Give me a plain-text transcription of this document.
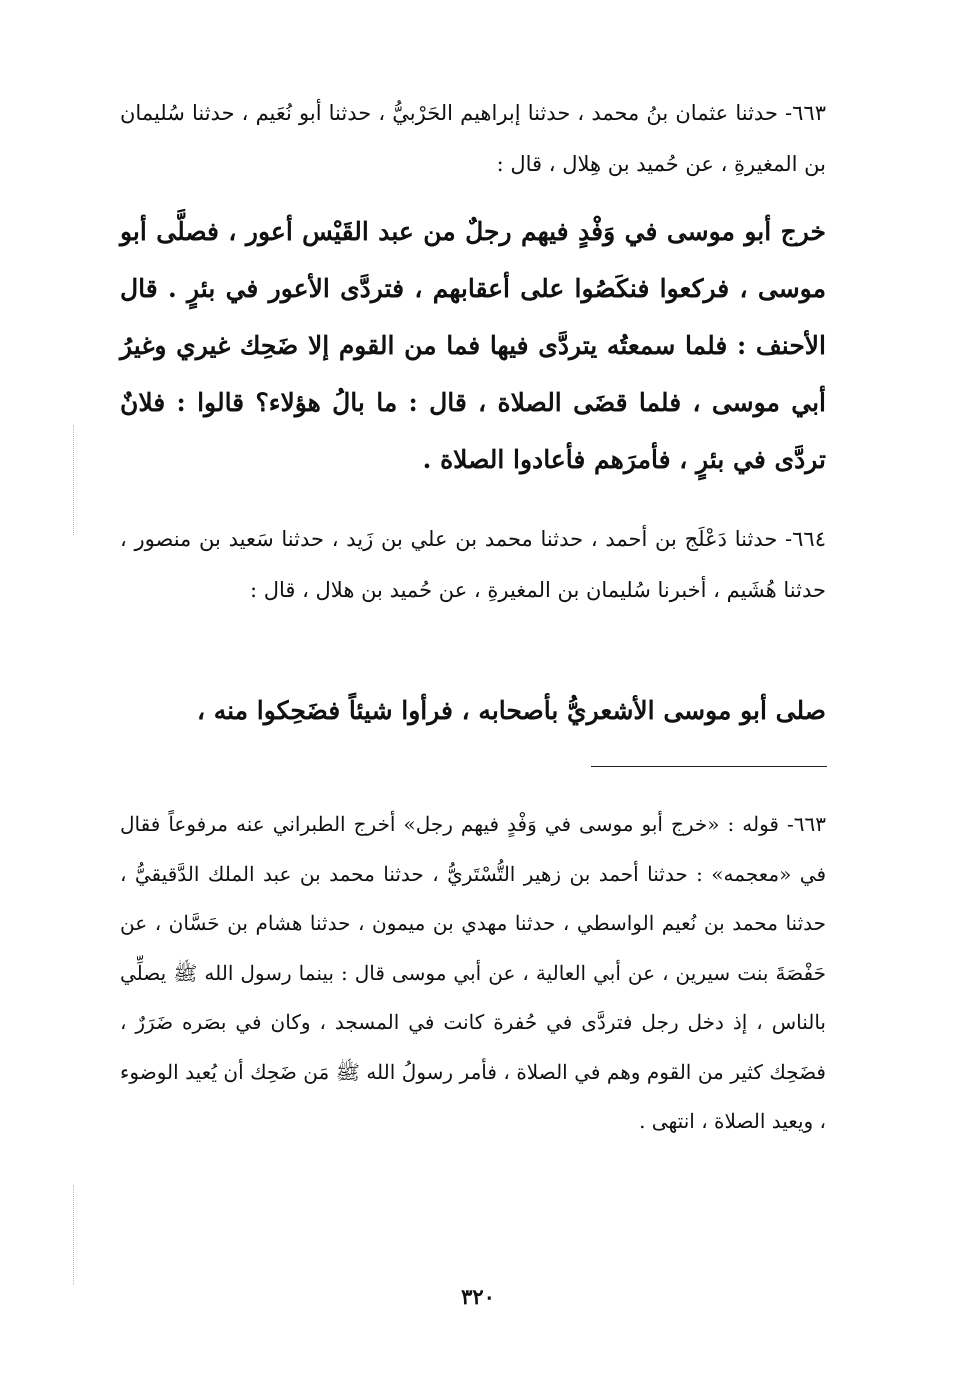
٦٦٣- حدثنا عثمان بنُ محمد ، حدثنا إبراهيم الحَرْبيُّ ، حدثنا أبو نُعَيم ، حدثنا سُليمان بن المغيرةِ ، عن حُميد بن هِلال ، قال :

خرج أبو موسى في وَفْدٍ فيهم رجلٌ من عبد القَيْس أعور ، فصلَّى أبو موسى ، فركعوا فنكَصُوا على أعقابهم ، فتردَّى الأعور في بئرٍ . قال الأحنف : فلما سمعتُه يتردَّى فيها فما من القوم إلا ضَحِك غيري وغيرُ أبي موسى ، فلما قضَى الصلاة ، قال : ما بالُ هؤلاء؟ قالوا : فلانٌ تردَّى في بئرٍ ، فأمرَهم فأعادوا الصلاة .

٦٦٤- حدثنا دَعْلَج بن أحمد ، حدثنا محمد بن علي بن زَيد ، حدثنا سَعيد بن منصور ، حدثنا هُشَيم ، أخبرنا سُليمان بن المغيرةِ ، عن حُميد بن هلال ، قال :

صلى أبو موسى الأشعريُّ بأصحابه ، فرأوا شيئاً فضَحِكوا منه ،

٦٦٣- قوله : «خرج أبو موسى في وَفْدٍ فيهم رجل» أخرج الطبراني عنه مرفوعاً فقال في «معجمه» : حدثنا أحمد بن زهير التُّسْتَريُّ ، حدثنا محمد بن عبد الملك الدَّقيقيُّ ، حدثنا محمد بن نُعيم الواسطي ، حدثنا مهدي بن ميمون ، حدثنا هشام بن حَسَّان ، عن حَفْصَةَ بنت سيرين ، عن أبي العالية ، عن أبي موسى قال : بينما رسول الله ﷺ يصلِّي بالناس ، إذ دخل رجل فتردَّى في حُفرة كانت في المسجد ، وكان في بصَره ضَرَرٌ ، فضَحِك كثير من القوم وهم في الصلاة ، فأمر رسولُ الله ﷺ مَن ضَحِك أن يُعيد الوضوء ، ويعيد الصلاة ، انتهى .

٣٢٠
